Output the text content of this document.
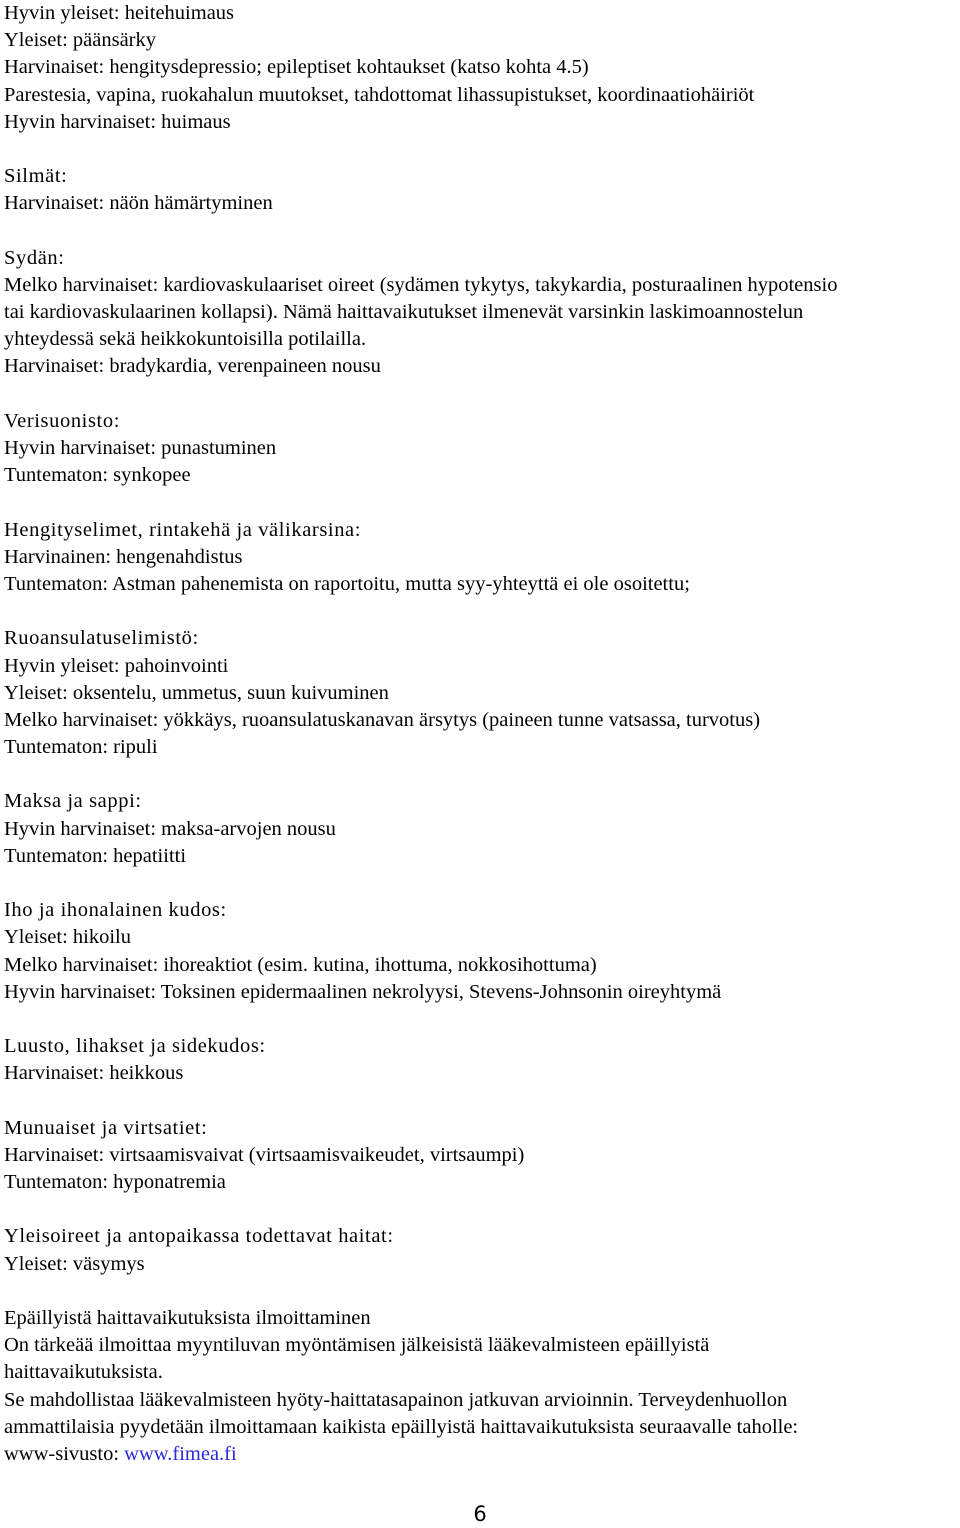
Hyvin yleiset: heitehuimaus
Yleiset: päänsärky
Harvinaiset: hengitysdepressio; epileptiset kohtaukset (katso kohta 4.5)
Parestesia, vapina, ruokahalun muutokset, tahdottomat lihassupistukset, koordinaatiohäiriöt
Hyvin harvinaiset: huimaus
Silmät:
Harvinaiset: näön hämärtyminen
Sydän:
Melko harvinaiset: kardiovaskulaariset oireet (sydämen tykytys, takykardia, posturaalinen hypotensio
tai kardiovaskulaarinen kollapsi). Nämä haittavaikutukset ilmenevät varsinkin laskimoannostelun
yhteydessä sekä heikkokuntoisilla potilailla.
Harvinaiset: bradykardia, verenpaineen nousu
Verisuonisto:
Hyvin harvinaiset: punastuminen
Tuntematon: synkopee
Hengityselimet, rintakehä ja välikarsina:
Harvinainen: hengenahdistus
Tuntematon: Astman pahenemista on raportoitu, mutta syy-yhteyttä ei ole osoitettu;
Ruoansulatuselimistö:
Hyvin yleiset: pahoinvointi
Yleiset: oksentelu, ummetus, suun kuivuminen
Melko harvinaiset: yökkäys, ruoansulatuskanavan ärsytys (paineen tunne vatsassa, turvotus)
Tuntematon: ripuli
Maksa ja sappi:
Hyvin harvinaiset: maksa-arvojen nousu
Tuntematon: hepatiitti
Iho ja ihonalainen kudos:
Yleiset: hikoilu
Melko harvinaiset: ihoreaktiot (esim. kutina, ihottuma, nokkosihottuma)
Hyvin harvinaiset: Toksinen epidermaalinen nekrolyysi, Stevens-Johnsonin oireyhtymä
Luusto, lihakset ja sidekudos:
Harvinaiset: heikkous
Munuaiset ja virtsatiet:
Harvinaiset: virtsaamisvaivat (virtsaamisvaikeudet, virtsaumpi)
Tuntematon: hyponatremia
Yleisoireet ja antopaikassa todettavat haitat:
Yleiset: väsymys
Epäillyistä haittavaikutuksista ilmoittaminen
On tärkeää ilmoittaa myyntiluvan myöntämisen jälkeisistä lääkevalmisteen epäillyistä
haittavaikutuksista.
Se mahdollistaa lääkevalmisteen hyöty-haittatasapainon jatkuvan arvioinnin. Terveydenhuollon
ammattilaisia pyydetään ilmoittamaan kaikista epäillyistä haittavaikutuksista seuraavalle taholle:
www-sivusto: www.fimea.fi
6
